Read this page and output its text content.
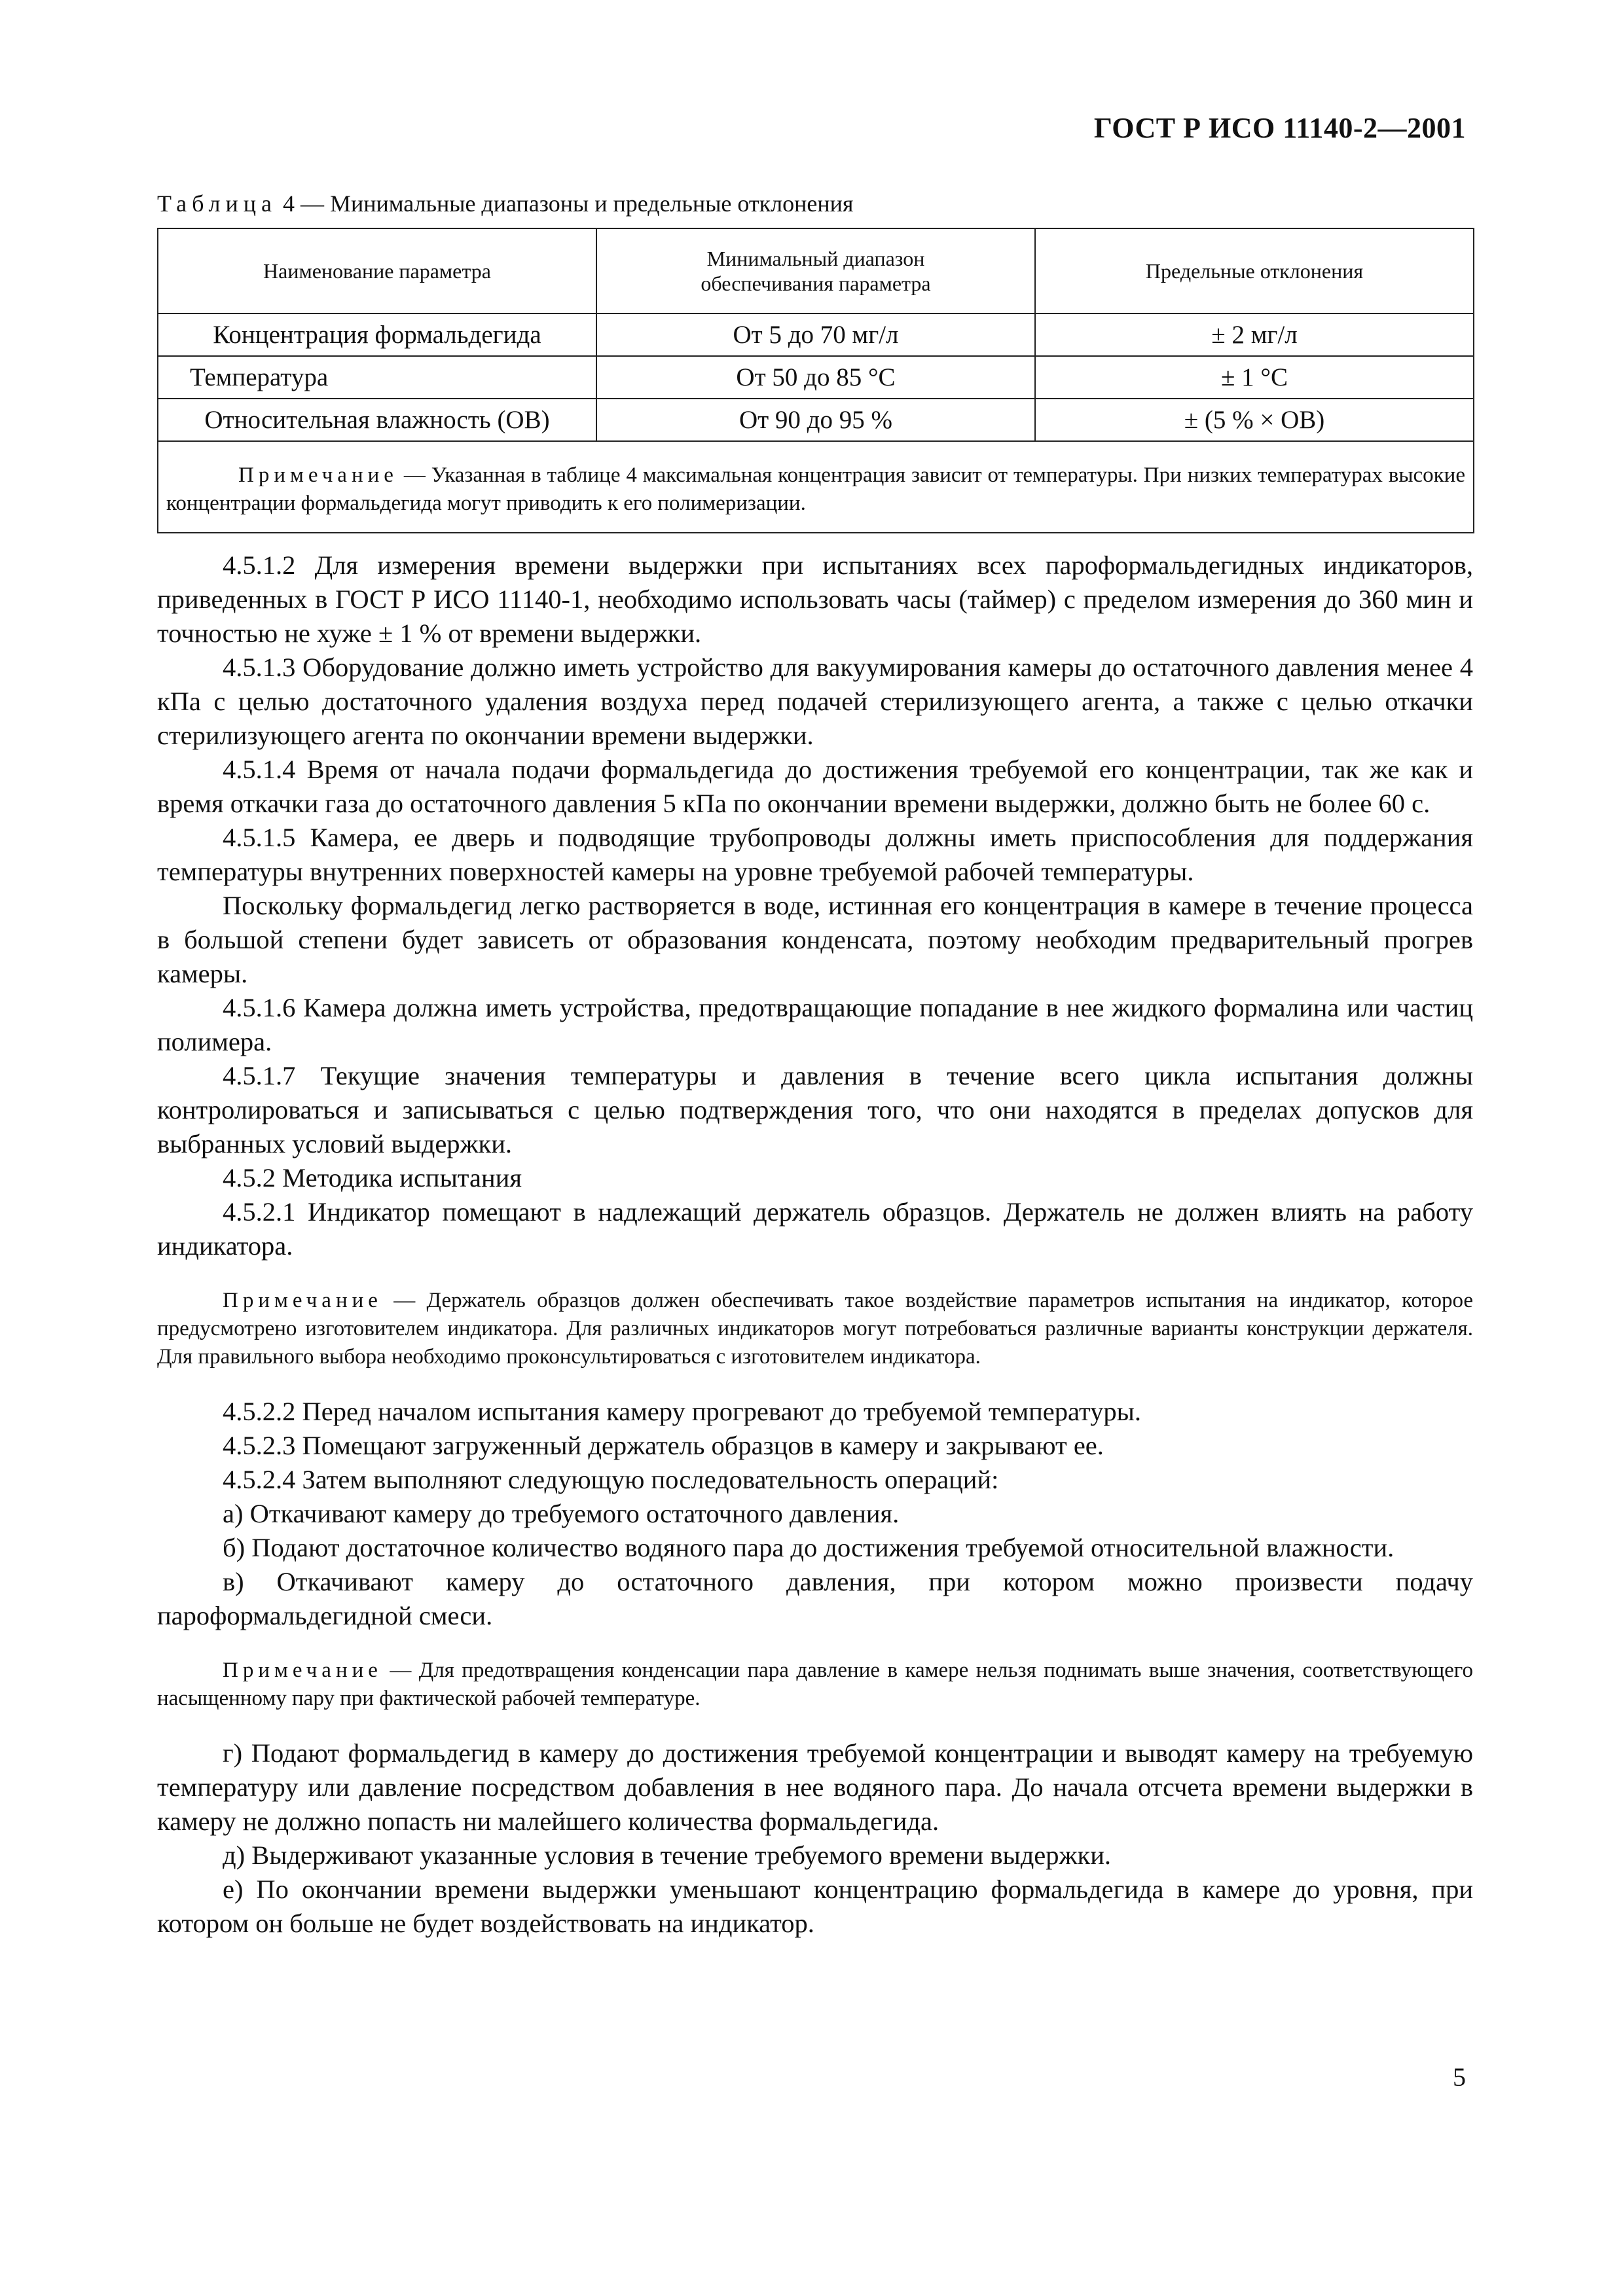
ГОСТ Р ИСО 11140-2—2001
Таблица 4 — Минимальные диапазоны и предельные отклонения
Наименование параметра	Минимальный диапазон обеспечивания параметра	Предельные отклонения
Концентрация формальдегида	От 5 до 70 мг/л	± 2 мг/л
Температура	От 50 до 85 °C	± 1 °C
Относительная влажность (ОВ)	От 90 до 95 %	± (5 % × ОВ)

Примечание — Указанная в таблице 4 максимальная концентрация зависит от температуры. При низких температурах высокие концентрации формальдегида могут приводить к его полимеризации.		

4.5.1.2 Для измерения времени выдержки при испытаниях всех пароформальдегидных индикаторов, приведенных в ГОСТ Р ИСО 11140-1, необходимо использовать часы (таймер) с пределом измерения до 360 мин и точностью не хуже ± 1 % от времени выдержки.

4.5.1.3 Оборудование должно иметь устройство для вакуумирования камеры до остаточного давления менее 4 кПа с целью достаточного удаления воздуха перед подачей стерилизующего агента, а также с целью откачки стерилизующего агента по окончании времени выдержки.

4.5.1.4 Время от начала подачи формальдегида до достижения требуемой его концентрации, так же как и время откачки газа до остаточного давления 5 кПа по окончании времени выдержки, должно быть не более 60 с.

4.5.1.5 Камера, ее дверь и подводящие трубопроводы должны иметь приспособления для поддержания температуры внутренних поверхностей камеры на уровне требуемой рабочей температуры.

Поскольку формальдегид легко растворяется в воде, истинная его концентрация в камере в течение процесса в большой степени будет зависеть от образования конденсата, поэтому необходим предварительный прогрев камеры.

4.5.1.6 Камера должна иметь устройства, предотвращающие попадание в нее жидкого формалина или частиц полимера.

4.5.1.7 Текущие значения температуры и давления в течение всего цикла испытания должны контролироваться и записываться с целью подтверждения того, что они находятся в пределах допусков для выбранных условий выдержки.

4.5.2 Методика испытания

4.5.2.1 Индикатор помещают в надлежащий держатель образцов. Держатель не должен влиять на работу индикатора.

Примечание — Держатель образцов должен обеспечивать такое воздействие параметров испытания на индикатор, которое предусмотрено изготовителем индикатора. Для различных индикаторов могут потребоваться различные варианты конструкции держателя. Для правильного выбора необходимо проконсультироваться с изготовителем индикатора.

4.5.2.2 Перед началом испытания камеру прогревают до требуемой температуры.

4.5.2.3 Помещают загруженный держатель образцов в камеру и закрывают ее.

4.5.2.4 Затем выполняют следующую последовательность операций:

а) Откачивают камеру до требуемого остаточного давления.

б) Подают достаточное количество водяного пара до достижения требуемой относительной влажности.

в) Откачивают камеру до остаточного давления, при котором можно произвести подачу пароформальдегидной смеси.

Примечание — Для предотвращения конденсации пара давление в камере нельзя поднимать выше значения, соответствующего насыщенному пару при фактической рабочей температуре.

г) Подают формальдегид в камеру до достижения требуемой концентрации и выводят камеру на требуемую температуру или давление посредством добавления в нее водяного пара. До начала отсчета времени выдержки в камеру не должно попасть ни малейшего количества формальдегида.

д) Выдерживают указанные условия в течение требуемого времени выдержки.

е) По окончании времени выдержки уменьшают концентрацию формальдегида в камере до уровня, при котором он больше не будет воздействовать на индикатор.

5
